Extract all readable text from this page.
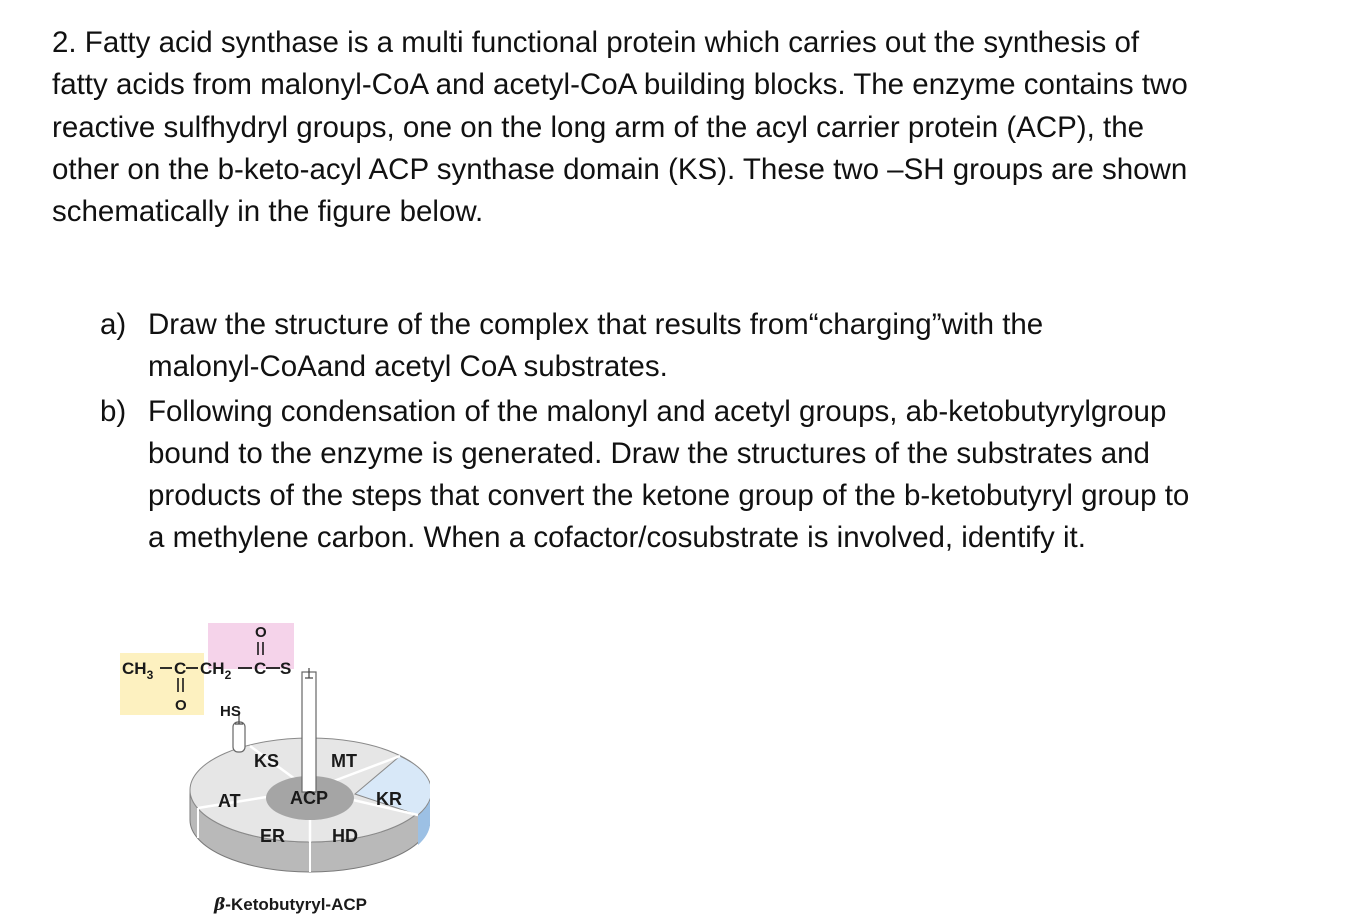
2. Fatty acid synthase is a multi functional protein which carries out the synthesis of
fatty acids from malonyl-CoA and acetyl-CoA building blocks. The enzyme contains two
reactive sulfhydryl groups, one on the long arm of the acyl carrier protein (ACP), the
other on the b-keto-acyl ACP synthase domain (KS). These two –SH groups are shown
schematically in the figure below.
a) Draw the structure of the complex that results from“charging”with the
malonyl-CoAand acetyl CoA substrates.
b) Following condensation of the malonyl and acetyl groups, ab-ketobutyrylgroup
bound to the enzyme is generated. Draw the structures of the substrates and
products of the steps that convert the ketone group of the b-ketobutyryl group to
a methylene carbon. When a cofactor/cosubstrate is involved, identify it.
$CH_3$ C $CH_2$ C S
O
O HS
KS	MT
AT	ACP	KR
ER	HD
β-Ketobutyryl-ACP
